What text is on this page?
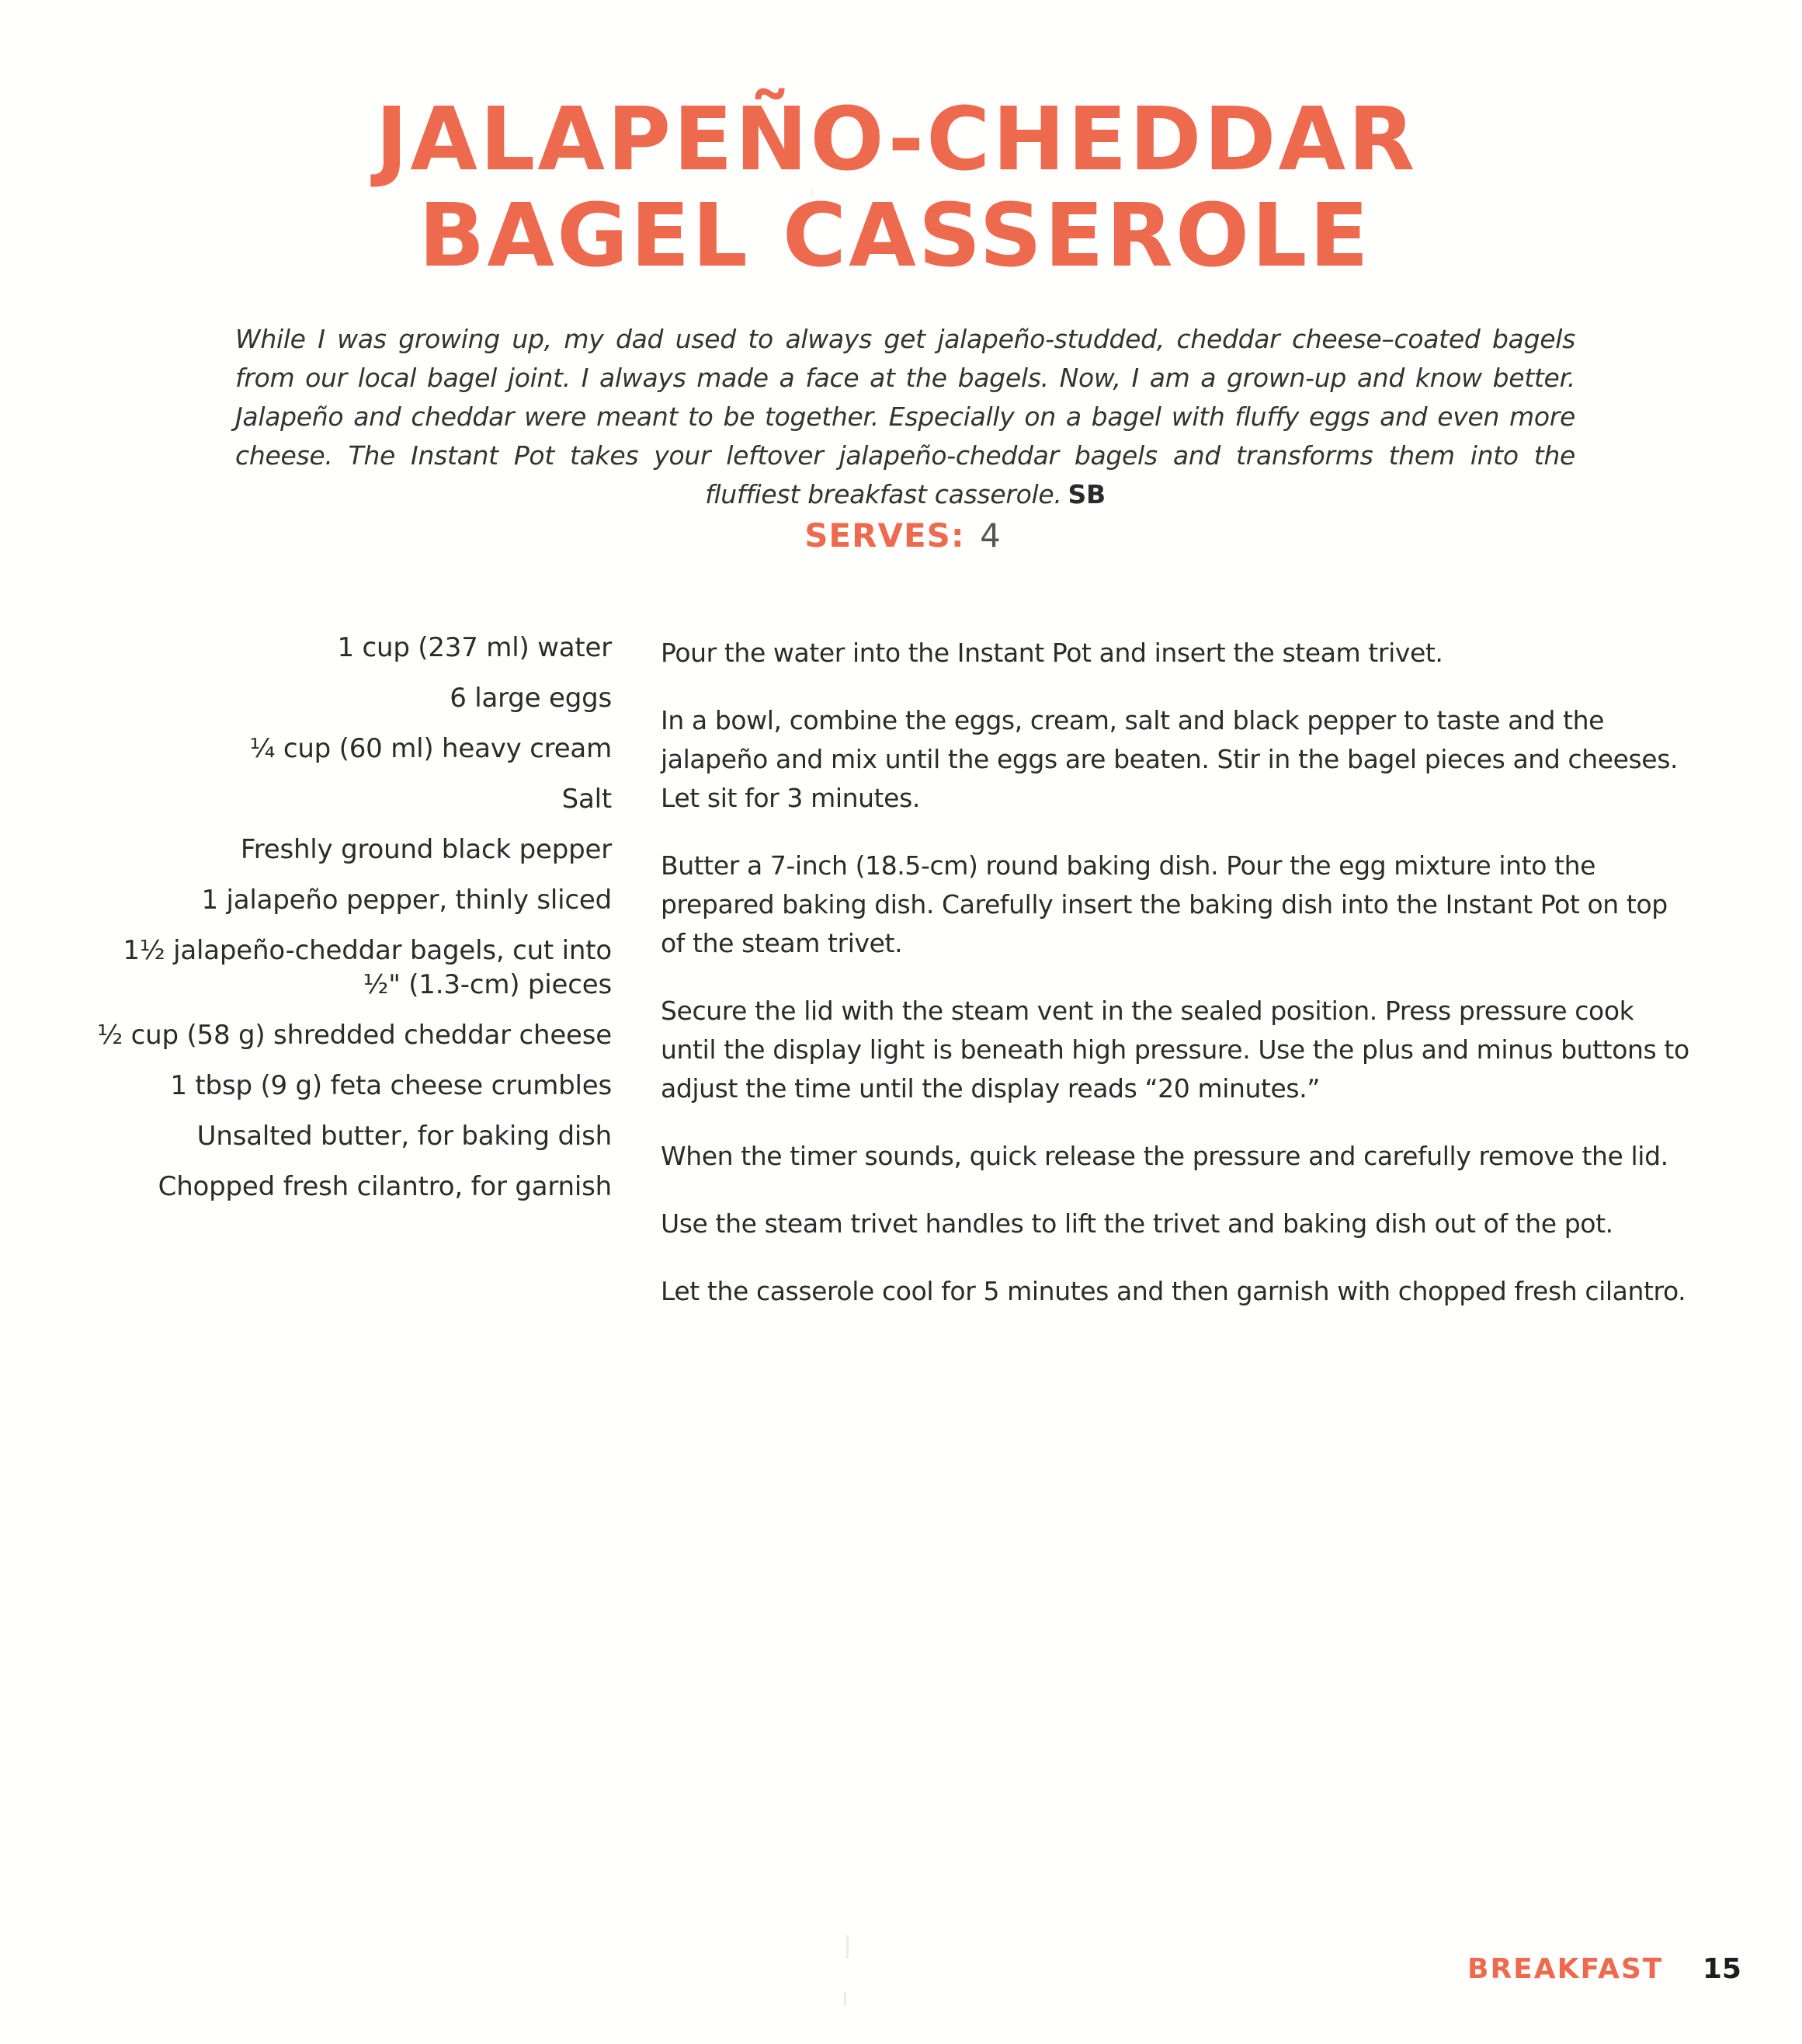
JALAPEÑO-CHEDDAR
BAGEL CASSEROLE

While I was growing up, my dad used to always get jalapeño-studded, cheddar cheese–coated bagels from our local bagel joint. I always made a face at the bagels. Now, I am a grown-up and know better. Jalapeño and cheddar were meant to be together. Especially on a bagel with fluffy eggs and even more cheese. The Instant Pot takes your leftover jalapeño-cheddar bagels and transforms them into the fluffiest breakfast casserole. SB

SERVES: 4
1 cup (237 ml) water
6 large eggs
¼ cup (60 ml) heavy cream
Salt
Freshly ground black pepper
1 jalapeño pepper, thinly sliced
1½ jalapeño-cheddar bagels, cut into
½" (1.3-cm) pieces
½ cup (58 g) shredded cheddar cheese
1 tbsp (9 g) feta cheese crumbles
Unsalted butter, for baking dish
Chopped fresh cilantro, for garnish

Pour the water into the Instant Pot and insert the steam trivet.

In a bowl, combine the eggs, cream, salt and black pepper to taste and the jalapeño and mix until the eggs are beaten. Stir in the bagel pieces and cheeses. Let sit for 3 minutes.

Butter a 7-inch (18.5-cm) round baking dish. Pour the egg mixture into the prepared baking dish. Carefully insert the baking dish into the Instant Pot on top of the steam trivet.

Secure the lid with the steam vent in the sealed position. Press pressure cook until the display light is beneath high pressure. Use the plus and minus buttons to adjust the time until the display reads “20 minutes.”

When the timer sounds, quick release the pressure and carefully remove the lid.

Use the steam trivet handles to lift the trivet and baking dish out of the pot.

Let the casserole cool for 5 minutes and then garnish with chopped fresh cilantro.

BREAKFAST 15
